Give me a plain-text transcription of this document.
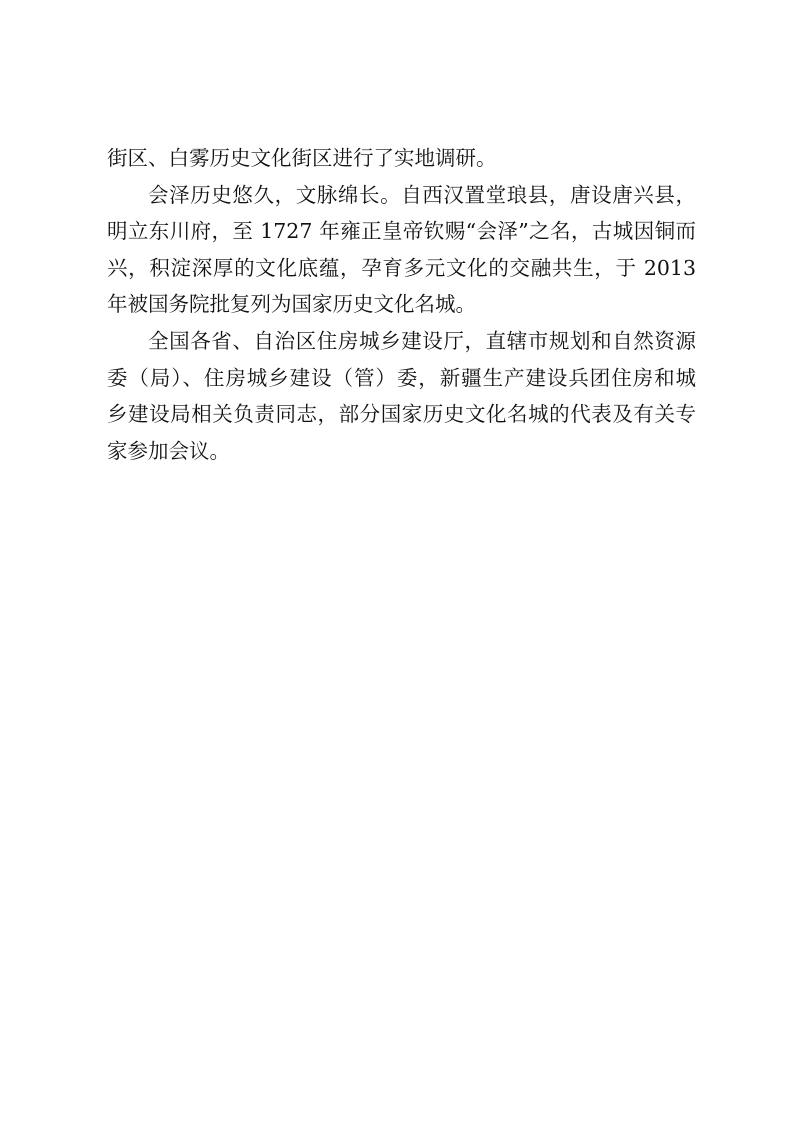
街区、白雾历史文化街区进行了实地调研。
会泽历史悠久，文脉绵长。自西汉置堂琅县，唐设唐兴县，
明立东川府，至 1727 年雍正皇帝钦赐“会泽”之名，古城因铜而
兴，积淀深厚的文化底蕴，孕育多元文化的交融共生，于 2013
年被国务院批复列为国家历史文化名城。
全国各省、自治区住房城乡建设厅，直辖市规划和自然资源
委（局）、住房城乡建设（管）委，新疆生产建设兵团住房和城
乡建设局相关负责同志，部分国家历史文化名城的代表及有关专
家参加会议。
